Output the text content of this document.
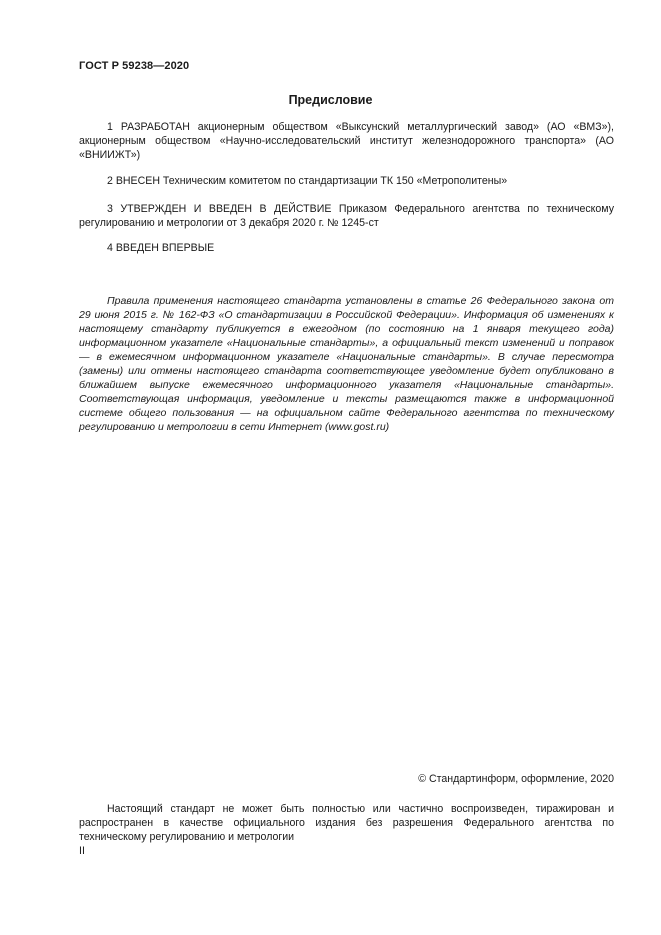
ГОСТ Р 59238—2020
Предисловие
1 РАЗРАБОТАН акционерным обществом «Выксунский металлургический завод» (АО «ВМЗ»), акционерным обществом «Научно-исследовательский институт железнодорожного транспорта» (АО «ВНИИЖТ»)
2 ВНЕСЕН Техническим комитетом по стандартизации ТК 150 «Метрополитены»
3 УТВЕРЖДЕН И ВВЕДЕН В ДЕЙСТВИЕ Приказом Федерального агентства по техническому регулированию и метрологии от 3 декабря 2020 г. № 1245-ст
4 ВВЕДЕН ВПЕРВЫЕ
Правила применения настоящего стандарта установлены в статье 26 Федерального закона от 29 июня 2015 г. № 162-ФЗ «О стандартизации в Российской Федерации». Информация об изменениях к настоящему стандарту публикуется в ежегодном (по состоянию на 1 января текущего года) информационном указателе «Национальные стандарты», а официальный текст изменений и поправок — в ежемесячном информационном указателе «Национальные стандарты». В случае пересмотра (замены) или отмены настоящего стандарта соответствующее уведомление будет опубликовано в ближайшем выпуске ежемесячного информационного указателя «Национальные стандарты». Соответствующая информация, уведомление и тексты размещаются также в информационной системе общего пользования — на официальном сайте Федерального агентства по техническому регулированию и метрологии в сети Интернет (www.gost.ru)
© Стандартинформ, оформление, 2020
Настоящий стандарт не может быть полностью или частично воспроизведен, тиражирован и распространен в качестве официального издания без разрешения Федерального агентства по техническому регулированию и метрологии
II
